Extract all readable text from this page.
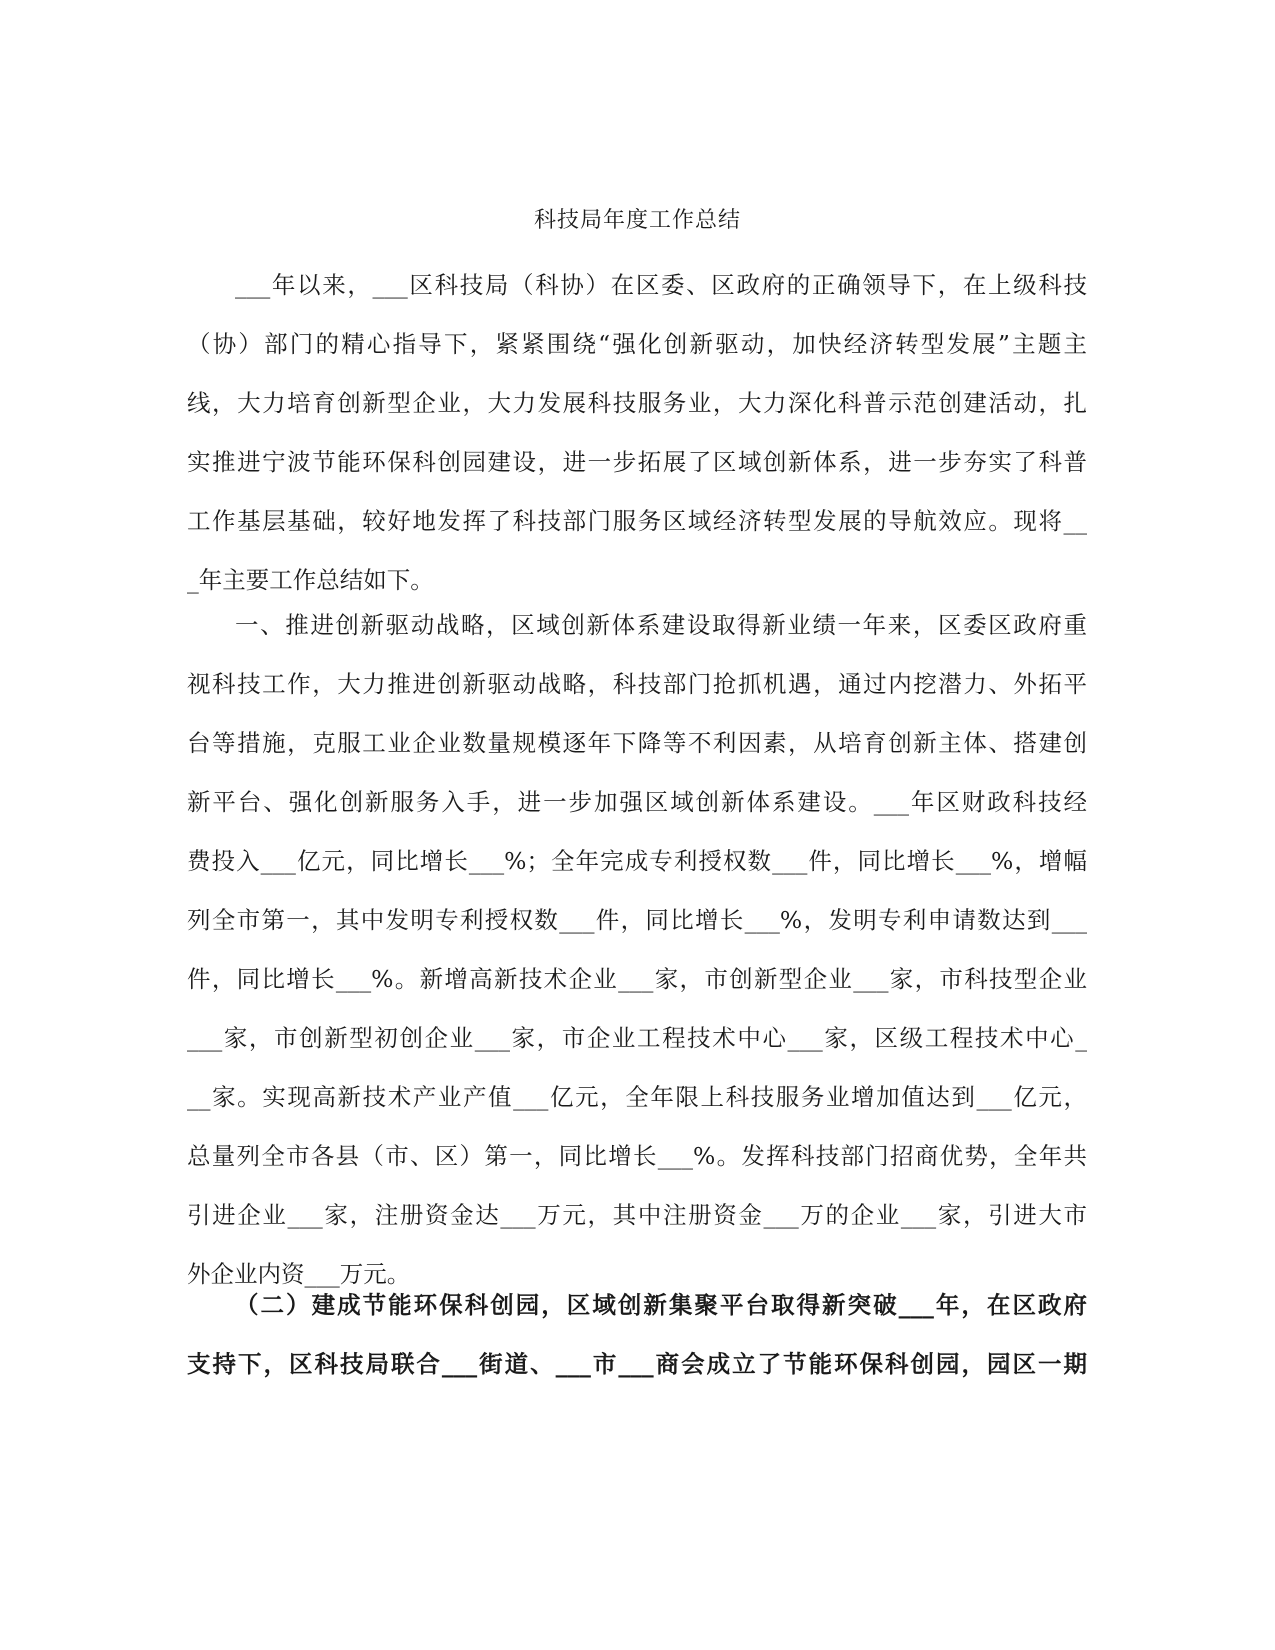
科技局年度工作总结
___年以来，___区科技局（科协）在区委、区政府的正确领导下，在上级科技
（协）部门的精心指导下，紧紧围绕“强化创新驱动，加快经济转型发展”主题主
线，大力培育创新型企业，大力发展科技服务业，大力深化科普示范创建活动，扎
实推进宁波节能环保科创园建设，进一步拓展了区域创新体系，进一步夯实了科普
工作基层基础，较好地发挥了科技部门服务区域经济转型发展的导航效应。现将__
_年主要工作总结如下。
一、推进创新驱动战略，区域创新体系建设取得新业绩一年来，区委区政府重
视科技工作，大力推进创新驱动战略，科技部门抢抓机遇，通过内挖潜力、外拓平
台等措施，克服工业企业数量规模逐年下降等不利因素，从培育创新主体、搭建创
新平台、强化创新服务入手，进一步加强区域创新体系建设。___年区财政科技经
费投入___亿元，同比增长___%；全年完成专利授权数___件，同比增长___%，增幅
列全市第一，其中发明专利授权数___件，同比增长___%，发明专利申请数达到___
件，同比增长___%。新增高新技术企业___家，市创新型企业___家，市科技型企业
___家，市创新型初创企业___家，市企业工程技术中心___家，区级工程技术中心_
__家。实现高新技术产业产值___亿元，全年限上科技服务业增加值达到___亿元，
总量列全市各县（市、区）第一，同比增长___%。发挥科技部门招商优势，全年共
引进企业___家，注册资金达___万元，其中注册资金___万的企业___家，引进大市
外企业内资___万元。
（二）建成节能环保科创园，区域创新集聚平台取得新突破___年，在区政府
支持下，区科技局联合___街道、___市___商会成立了节能环保科创园，园区一期
